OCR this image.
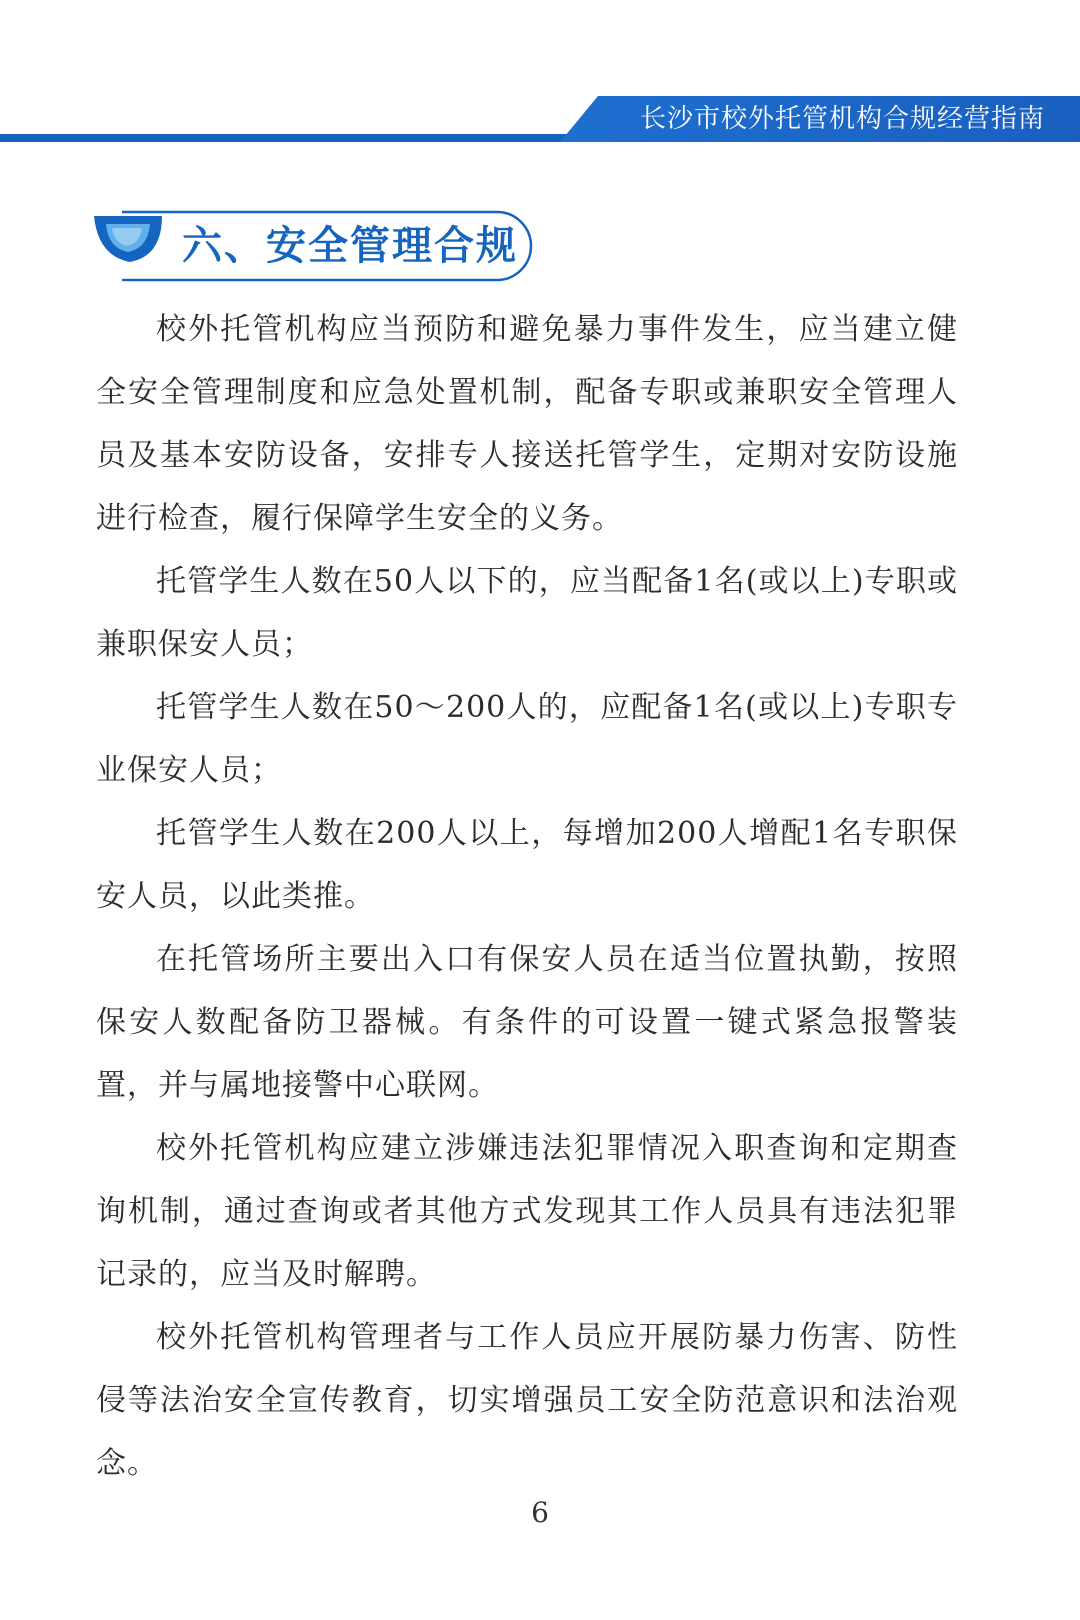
长沙市校外托管机构合规经营指南
六、安全管理合规

校外托管机构应当预防和避免暴力事件发生，应当建立健全安全管理制度和应急处置机制，配备专职或兼职安全管理人员及基本安防设备，安排专人接送托管学生，定期对安防设施进行检查，履行保障学生安全的义务。

托管学生人数在50人以下的，应当配备1名(或以上)专职或兼职保安人员；

托管学生人数在50～200人的，应配备1名(或以上)专职专业保安人员；

托管学生人数在200人以上，每增加200人增配1名专职保安人员，以此类推。

在托管场所主要出入口有保安人员在适当位置执勤，按照保安人数配备防卫器械。有条件的可设置一键式紧急报警装置，并与属地接警中心联网。

校外托管机构应建立涉嫌违法犯罪情况入职查询和定期查询机制，通过查询或者其他方式发现其工作人员具有违法犯罪记录的，应当及时解聘。

校外托管机构管理者与工作人员应开展防暴力伤害、防性侵等法治安全宣传教育，切实增强员工安全防范意识和法治观念。

6
